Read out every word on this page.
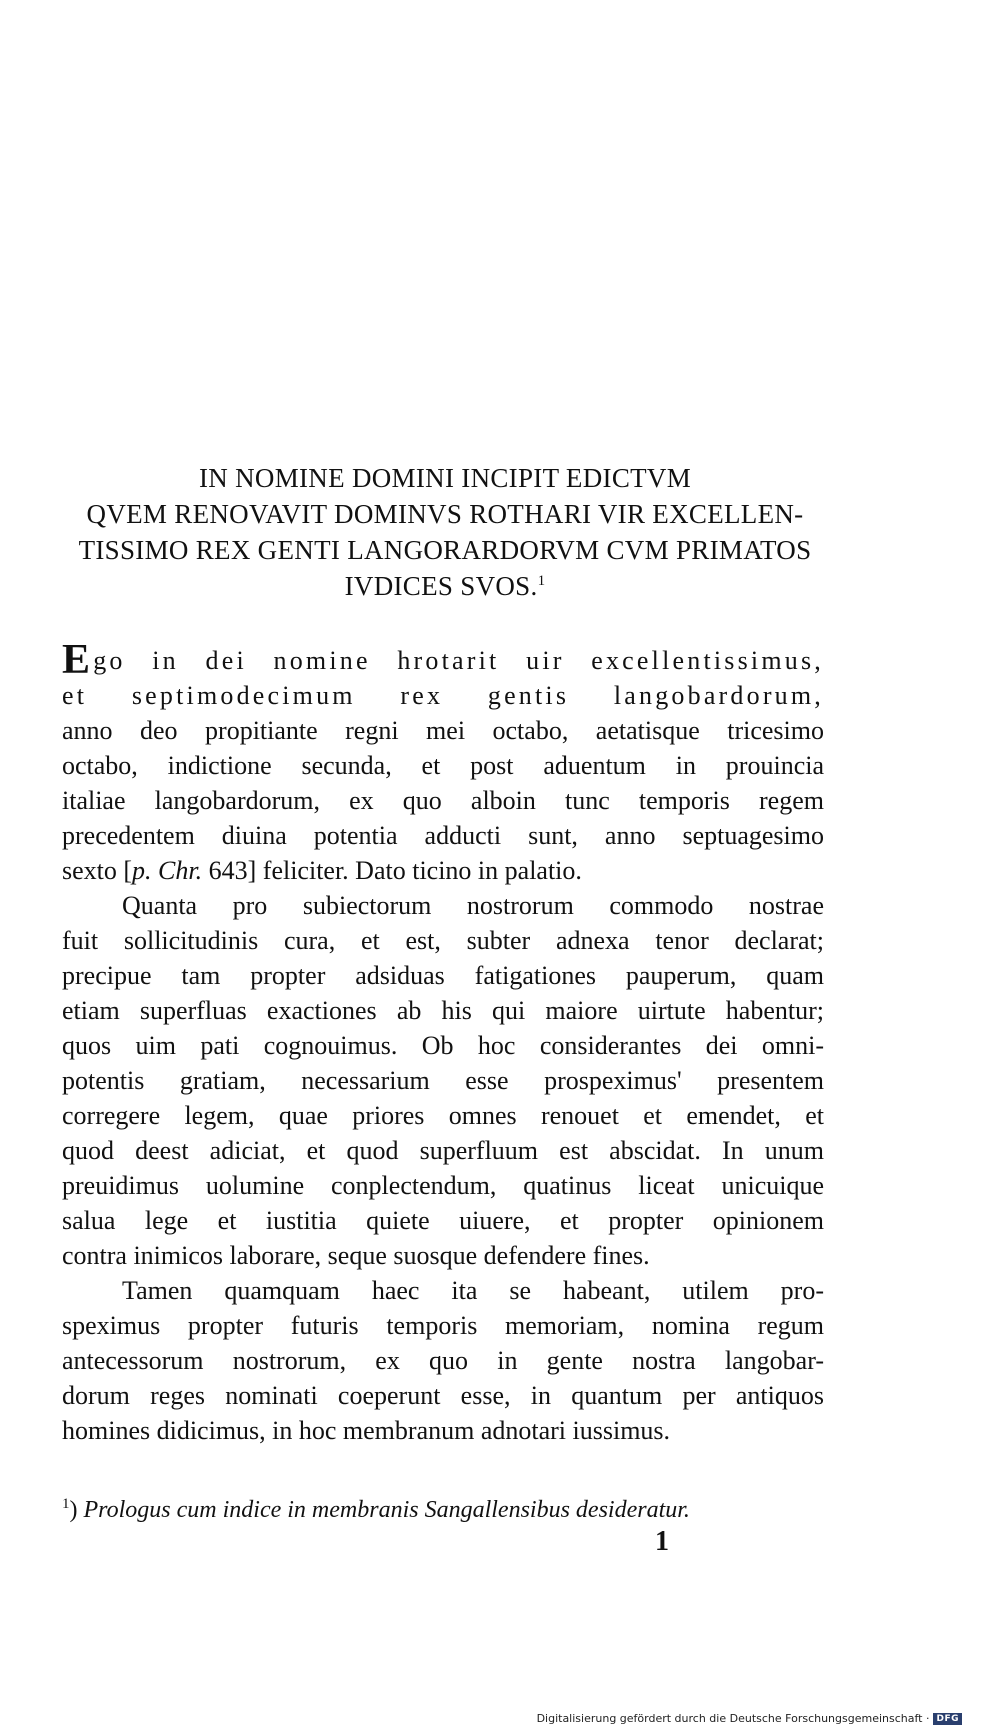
IN NOMINE DOMINI INCIPIT EDICTVM
QVEM RENOVAVIT DOMINVS ROTHARI VIR EXCELLEN-
TISSIMO REX GENTI LANGORARDORVM CVM PRIMATOS
IVDICES SVOS.$^1$
Ego in dei nomine hrotarit uir excellentissimus,
et septimodecimum rex gentis langobardorum,
anno deo propitiante regni mei octabo, aetatisque tricesimo
octabo, indictione secunda, et post aduentum in prouincia
italiae langobardorum, ex quo alboin tunc temporis regem
precedentem diuina potentia adducti sunt, anno septuagesimo
sexto [p. Chr. 643] feliciter. Dato ticino in palatio.
Quanta pro subiectorum nostrorum commodo nostrae
fuit sollicitudinis cura, et est, subter adnexa tenor declarat;
precipue tam propter adsiduas fatigationes pauperum, quam
etiam superfluas exactiones ab his qui maiore uirtute habentur;
quos uim pati cognouimus. Ob hoc considerantes dei omni-
potentis gratiam, necessarium esse prospeximus' presentem
corregere legem, quae priores omnes renouet et emendet, et
quod deest adiciat, et quod superfluum est abscidat. In unum
preuidimus uolumine conplectendum, quatinus liceat unicuique
salua lege et iustitia quiete uiuere, et propter opinionem
contra inimicos laborare, seque suosque defendere fines.
Tamen quamquam haec ita se habeant, utilem pro-
speximus propter futuris temporis memoriam, nomina regum
antecessorum nostrorum, ex quo in gente nostra langobar-
dorum reges nominati coeperunt esse, in quantum per antiquos
homines didicimus, in hoc membranum adnotari iussimus.
$^1$) Prologus cum indice in membranis Sangallensibus desideratur.
1
Digitalisierung gefördert durch die Deutsche Forschungsgemeinschaft · DFG
